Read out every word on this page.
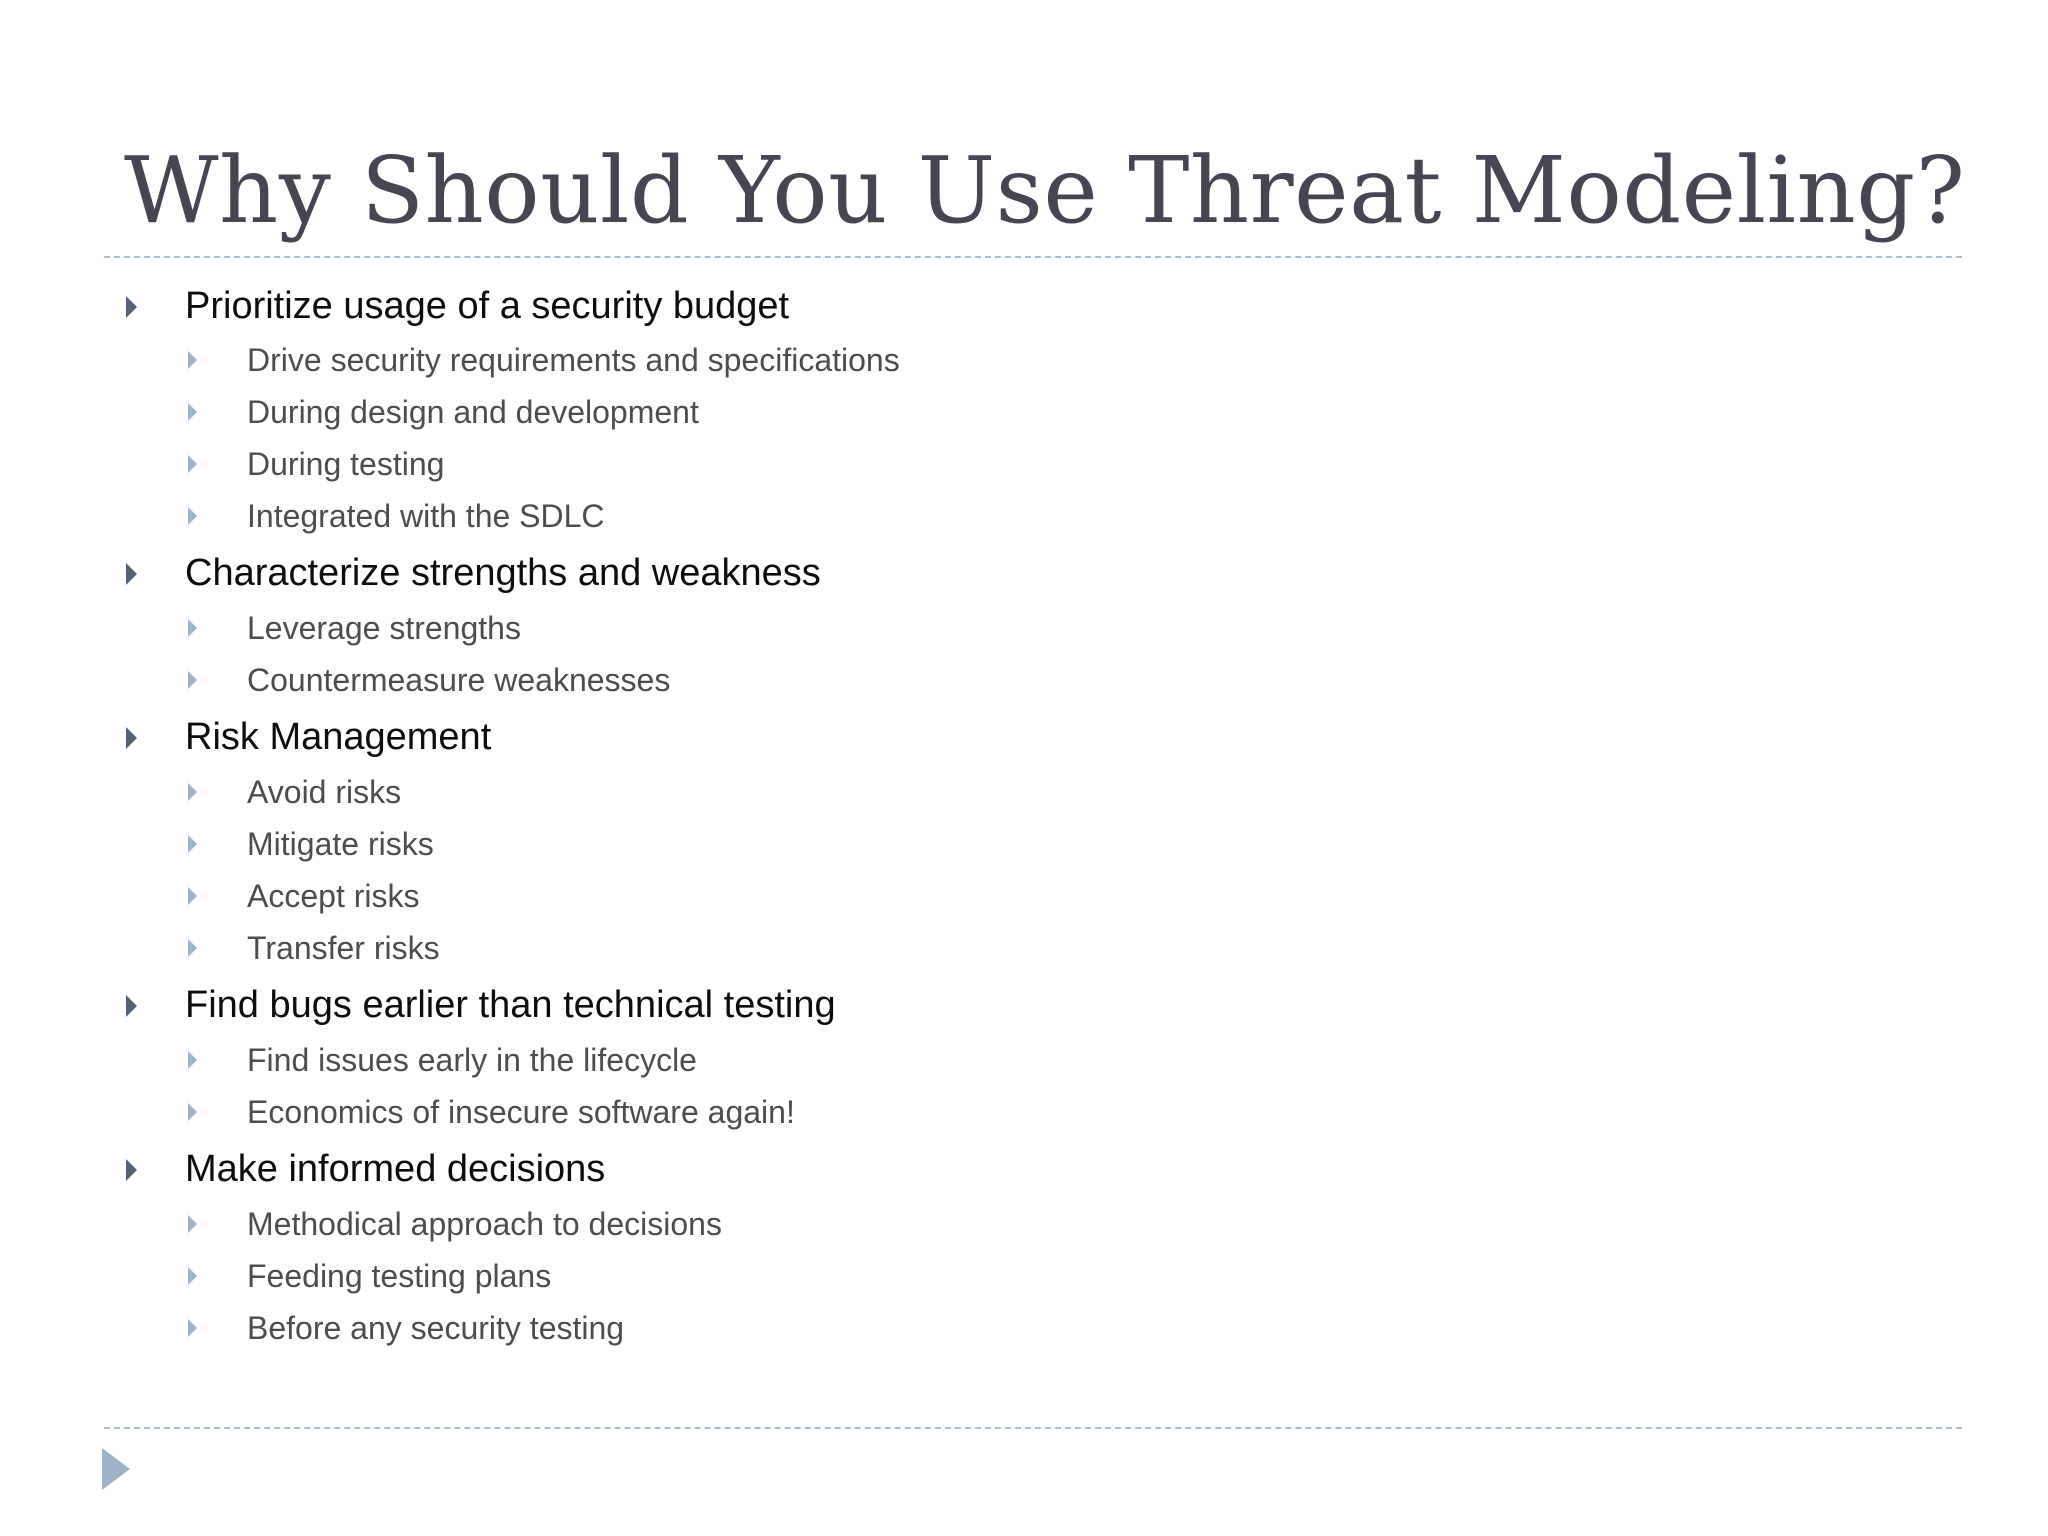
Why Should You Use Threat Modeling?
Prioritize usage of a security budget
Drive security requirements and specifications
During design and development
During testing
Integrated with the SDLC
Characterize strengths and weakness
Leverage strengths
Countermeasure weaknesses
Risk Management
Avoid risks
Mitigate risks
Accept risks
Transfer risks
Find bugs earlier than technical testing
Find issues early in the lifecycle
Economics of insecure software again!
Make informed decisions
Methodical approach to decisions
Feeding testing plans
Before any security testing
